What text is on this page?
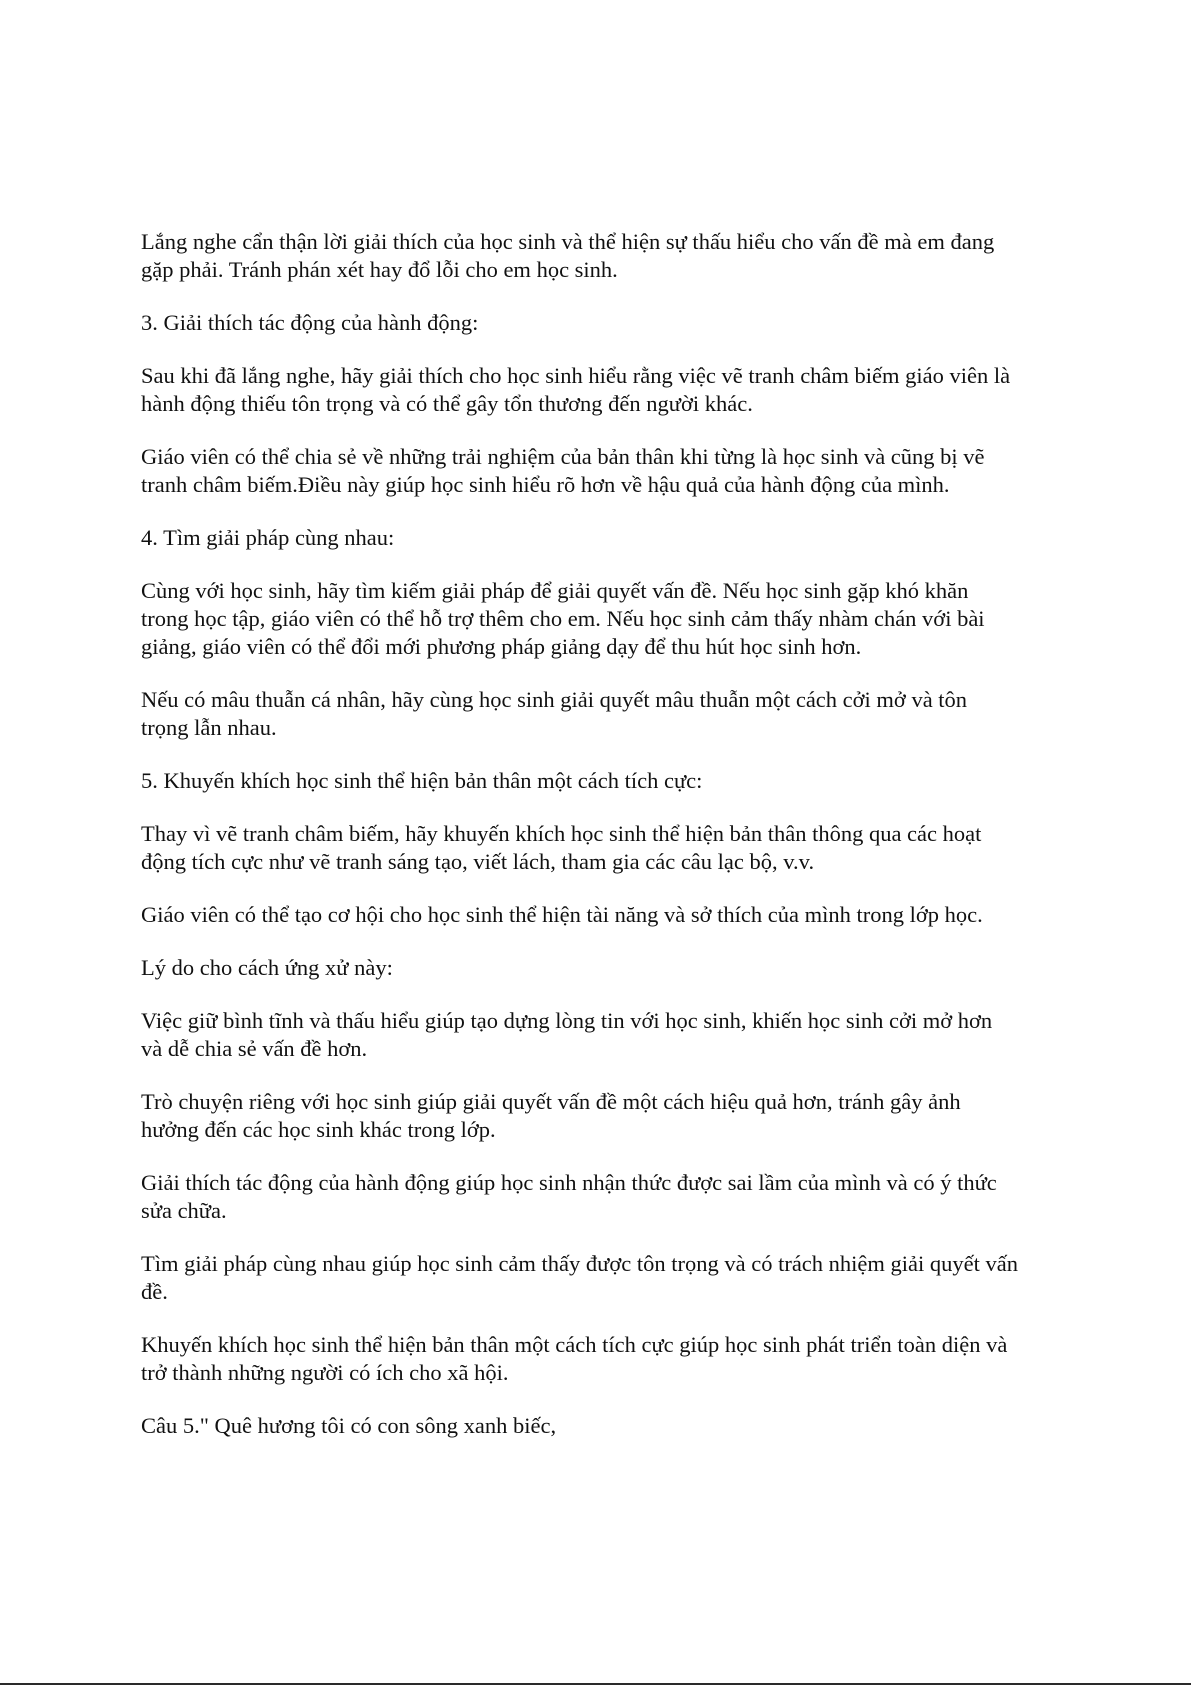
Lắng nghe cẩn thận lời giải thích của học sinh và thể hiện sự thấu hiểu cho vấn đề mà em đang
gặp phải. Tránh phán xét hay đổ lỗi cho em học sinh.

3. Giải thích tác động của hành động:

Sau khi đã lắng nghe, hãy giải thích cho học sinh hiểu rằng việc vẽ tranh châm biếm giáo viên là
hành động thiếu tôn trọng và có thể gây tổn thương đến người khác.

Giáo viên có thể chia sẻ về những trải nghiệm của bản thân khi từng là học sinh và cũng bị vẽ
tranh châm biếm.Điều này giúp học sinh hiểu rõ hơn về hậu quả của hành động của mình.

4. Tìm giải pháp cùng nhau:

Cùng với học sinh, hãy tìm kiếm giải pháp để giải quyết vấn đề. Nếu học sinh gặp khó khăn
trong học tập, giáo viên có thể hỗ trợ thêm cho em. Nếu học sinh cảm thấy nhàm chán với bài
giảng, giáo viên có thể đổi mới phương pháp giảng dạy để thu hút học sinh hơn.

Nếu có mâu thuẫn cá nhân, hãy cùng học sinh giải quyết mâu thuẫn một cách cởi mở và tôn
trọng lẫn nhau.

5. Khuyến khích học sinh thể hiện bản thân một cách tích cực:

Thay vì vẽ tranh châm biếm, hãy khuyến khích học sinh thể hiện bản thân thông qua các hoạt
động tích cực như vẽ tranh sáng tạo, viết lách, tham gia các câu lạc bộ, v.v.

Giáo viên có thể tạo cơ hội cho học sinh thể hiện tài năng và sở thích của mình trong lớp học.

Lý do cho cách ứng xử này:

Việc giữ bình tĩnh và thấu hiểu giúp tạo dựng lòng tin với học sinh, khiến học sinh cởi mở hơn
và dễ chia sẻ vấn đề hơn.

Trò chuyện riêng với học sinh giúp giải quyết vấn đề một cách hiệu quả hơn, tránh gây ảnh
hưởng đến các học sinh khác trong lớp.

Giải thích tác động của hành động giúp học sinh nhận thức được sai lầm của mình và có ý thức
sửa chữa.

Tìm giải pháp cùng nhau giúp học sinh cảm thấy được tôn trọng và có trách nhiệm giải quyết vấn
đề.

Khuyến khích học sinh thể hiện bản thân một cách tích cực giúp học sinh phát triển toàn diện và
trở thành những người có ích cho xã hội.

Câu 5." Quê hương tôi có con sông xanh biếc,
